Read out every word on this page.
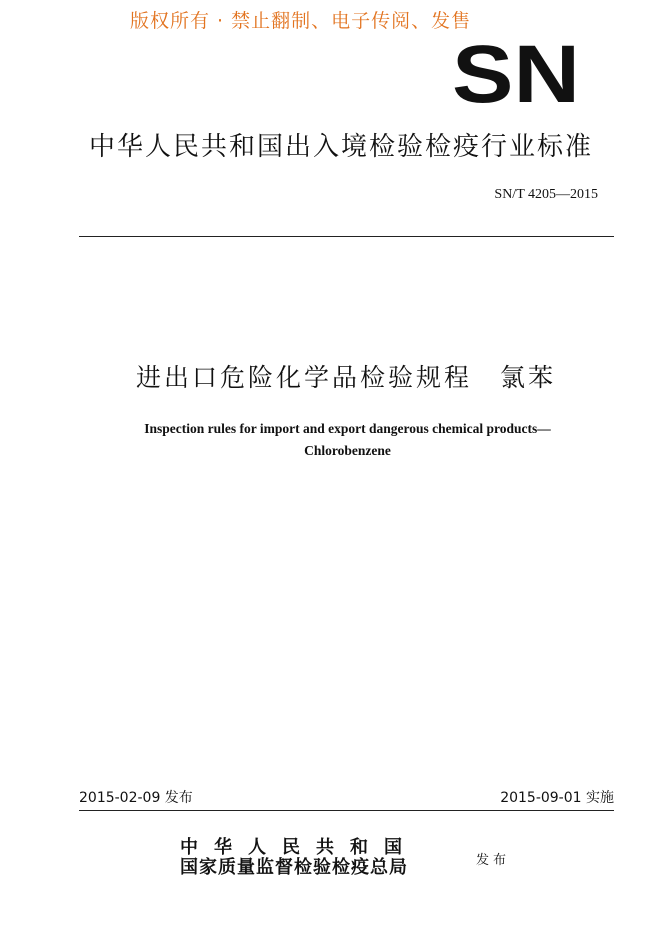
版权所有 · 禁止翻制、电子传阅、发售
SN
中华人民共和国出入境检验检疫行业标准
SN/T 4205—2015
进出口危险化学品检验规程　氯苯
Inspection rules for import and export dangerous chemical products—
Chlorobenzene
2015-02-09 发布	2015-09-01 实施
中华人民共和国
国家质量监督检验检疫总局	发布
